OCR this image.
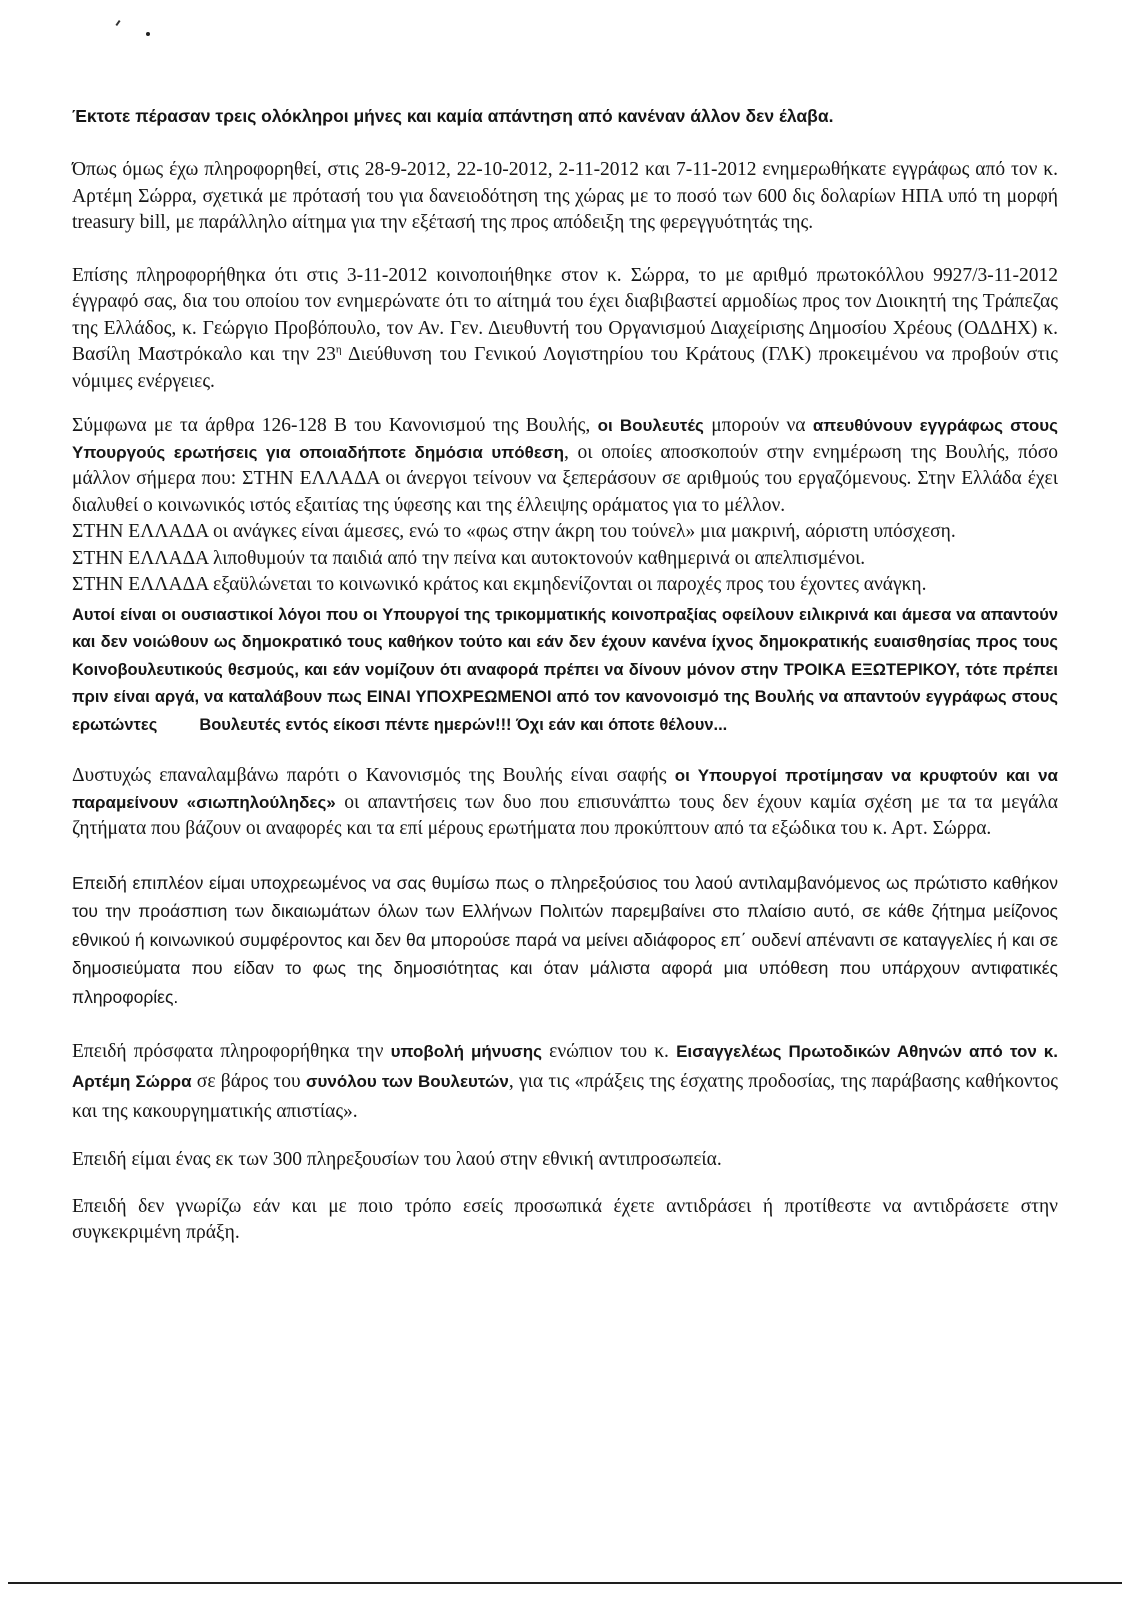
Έκτοτε πέρασαν τρεις ολόκληροι μήνες και καμία απάντηση από κανέναν άλλον δεν έλαβα.

Όπως όμως έχω πληροφορηθεί, στις 28-9-2012, 22-10-2012, 2-11-2012 και 7-11-2012 ενημερωθήκατε εγγράφως από τον κ. Αρτέμη Σώρρα, σχετικά με πρότασή του για δανειοδότηση της χώρας με το ποσό των 600 δις δολαρίων ΗΠΑ υπό τη μορφή treasury bill, με παράλληλο αίτημα για την εξέτασή της προς απόδειξη της φερεγγυότητάς της.

Επίσης πληροφορήθηκα ότι στις 3-11-2012 κοινοποιήθηκε στον κ. Σώρρα, το με αριθμό πρωτοκόλλου 9927/3-11-2012 έγγραφό σας, δια του οποίου τον ενημερώνατε ότι το αίτημά του έχει διαβιβαστεί αρμοδίως προς τον Διοικητή της Τράπεζας της Ελλάδος, κ. Γεώργιο Προβόπουλο, τον Αν. Γεν. Διευθυντή του Οργανισμού Διαχείρισης Δημοσίου Χρέους (ΟΔΔΗΧ) κ. Βασίλη Μαστρόκαλο και την $23^\eta$ Διεύθυνση του Γενικού Λογιστηρίου του Κράτους (ΓΛΚ) προκειμένου να προβούν στις νόμιμες ενέργειες.

Σύμφωνα με τα άρθρα 126-128 Β του Κανονισμού της Βουλής, οι Βουλευτές μπορούν να απευθύνουν εγγράφως στους Υπουργούς ερωτήσεις για οποιαδήποτε δημόσια υπόθεση, οι οποίες αποσκοπούν στην ενημέρωση της Βουλής, πόσο μάλλον σήμερα που: ΣΤΗΝ ΕΛΛΑΔΑ οι άνεργοι τείνουν να ξεπεράσουν σε αριθμούς του εργαζόμενους. Στην Ελλάδα έχει διαλυθεί ο κοινωνικός ιστός εξαιτίας της ύφεσης και της έλλειψης οράματος για το μέλλον.

ΣΤΗΝ ΕΛΛΑΔΑ οι ανάγκες είναι άμεσες, ενώ το «φως στην άκρη του τούνελ» μια μακρινή, αόριστη υπόσχεση.

ΣΤΗΝ ΕΛΛΑΔΑ λιποθυμούν τα παιδιά από την πείνα και αυτοκτονούν καθημερινά οι απελπισμένοι.

ΣΤΗΝ ΕΛΛΑΔΑ εξαϋλώνεται το κοινωνικό κράτος και εκμηδενίζονται οι παροχές προς του έχοντες ανάγκη.

Αυτοί είναι οι ουσιαστικοί λόγοι που οι Υπουργοί της τρικομματικής κοινοπραξίας οφείλουν ειλικρινά και άμεσα να απαντούν και δεν νοιώθουν ως δημοκρατικό τους καθήκον τούτο και εάν δεν έχουν κανένα ίχνος δημοκρατικής ευαισθησίας προς τους Κοινοβουλευτικούς θεσμούς, και εάν νομίζουν ότι αναφορά πρέπει να δίνουν μόνον στην ΤΡΟΙΚΑ ΕΞΩΤΕΡΙΚΟΥ, τότε πρέπει πριν είναι αργά, να καταλάβουν πως ΕΙΝΑΙ ΥΠΟΧΡΕΩΜΕΝΟΙ από τον κανονοισμό της Βουλής να απαντούν εγγράφως στους ερωτώντες	Βουλευτές εντός είκοσι πέντε ημερών!!! Όχι εάν και όποτε θέλουν...

Δυστυχώς επαναλαμβάνω παρότι ο Κανονισμός της Βουλής είναι σαφής οι Υπουργοί προτίμησαν να κρυφτούν και να παραμείνουν «σιωπηλούληδες» οι απαντήσεις των δυο που επισυνάπτω τους δεν έχουν καμία σχέση με τα τα μεγάλα ζητήματα που βάζουν οι αναφορές και τα επί μέρους ερωτήματα που προκύπτουν από τα εξώδικα του κ. Αρτ. Σώρρα.

Επειδή επιπλέον είμαι υποχρεωμένος να σας θυμίσω πως ο πληρεξούσιος του λαού αντιλαμβανόμενος ως πρώτιστο καθήκον του την προάσπιση των δικαιωμάτων όλων των Ελλήνων Πολιτών παρεμβαίνει στο πλαίσιο αυτό, σε κάθε ζήτημα μείζονος εθνικού ή κοινωνικού συμφέροντος και δεν θα μπορούσε παρά να μείνει αδιάφορος επ΄ ουδενί απέναντι σε καταγγελίες ή και σε δημοσιεύματα που είδαν το φως της δημοσιότητας και όταν μάλιστα αφορά μια υπόθεση που υπάρχουν αντιφατικές πληροφορίες.

Επειδή πρόσφατα πληροφορήθηκα την υποβολή μήνυσης ενώπιον του κ. Εισαγγελέως Πρωτοδικών Αθηνών από τον κ. Αρτέμη Σώρρα σε βάρος του συνόλου των Βουλευτών, για τις «πράξεις της έσχατης προδοσίας, της παράβασης καθήκοντος και της κακουργηματικής απιστίας».

Επειδή είμαι ένας εκ των 300 πληρεξουσίων του λαού στην εθνική αντιπροσωπεία.

Επειδή δεν γνωρίζω εάν και με ποιο τρόπο εσείς προσωπικά έχετε αντιδράσει ή προτίθεστε να αντιδράσετε στην συγκεκριμένη πράξη.
